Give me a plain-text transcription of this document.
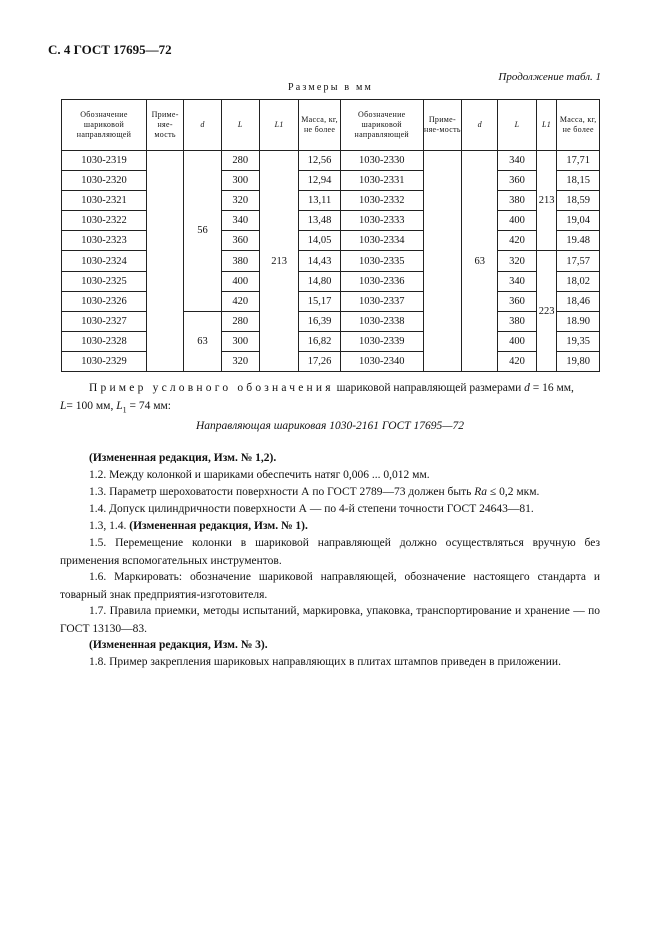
С. 4 ГОСТ 17695—72
Продолжение табл. 1
Размеры в мм
Обозначение шариковой направляющей	Приме-няе-мость	d	L	L1	Масса, кг, не более	Обозначение шариковой направляющей	Приме-няе-мость	d	L	L1	Масса, кг, не более
1030-2319		56	280	213	12,56	1030-2330		63	340	213	17,71
1030-2320			300		12,94	1030-2331			360		18,15
1030-2321			320		13,11	1030-2332			380		18,59
1030-2322			340		13,48	1030-2333			400		19,04
1030-2323			360		14,05	1030-2334			420		19.48
1030-2324			380		14,43	1030-2335			320	223	17,57
1030-2325			400		14,80	1030-2336			340		18,02
1030-2326			420		15,17	1030-2337			360		18,46
1030-2327		63	280		16,39	1030-2338			380		18.90
1030-2328			300		16,82	1030-2339			400		19,35
1030-2329			320		17,26	1030-2340			420		19,80
Пример условного обозначения шариковой направляющей размерами d = 16 мм,
L= 100 мм, $L_1 = 74$ мм:
Направляющая шариковая 1030-2161 ГОСТ 17695—72
(Измененная редакция, Изм. № 1,2).
1.2. Между колонкой и шариками обеспечить натяг 0,006 ... 0,012 мм.
1.3. Параметр шероховатости поверхности А по ГОСТ 2789—73 должен быть Ra ≤ 0,2 мкм.
1.4. Допуск цилиндричности поверхности А — по 4-й степени точности ГОСТ 24643—81.
1.3, 1.4. (Измененная редакция, Изм. № 1).
1.5. Перемещение колонки в шариковой направляющей должно осуществляться вручную без применения вспомогательных инструментов.
1.6. Маркировать: обозначение шариковой направляющей, обозначение настоящего стандарта и товарный знак предприятия-изготовителя.
1.7. Правила приемки, методы испытаний, маркировка, упаковка, транспортирование и хранение — по ГОСТ 13130—83.
(Измененная редакция, Изм. № 3).
1.8. Пример закрепления шариковых направляющих в плитах штампов приведен в приложении.
